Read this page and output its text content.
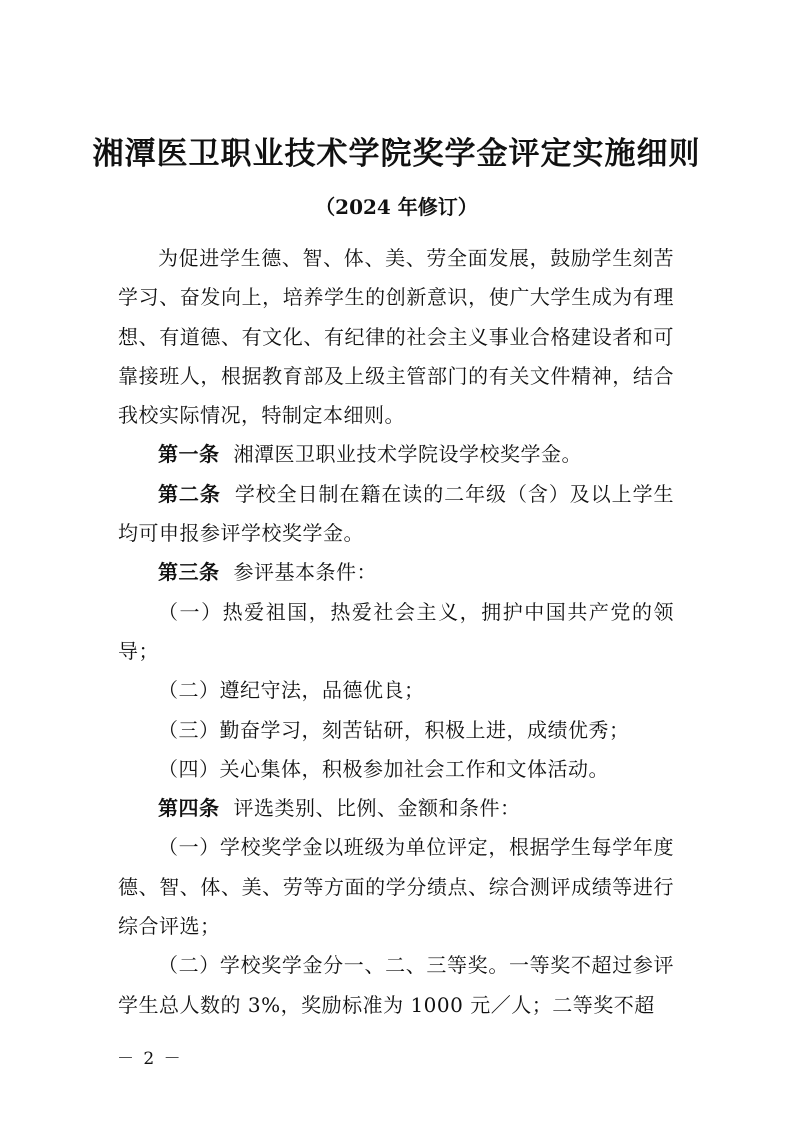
湘潭医卫职业技术学院奖学金评定实施细则
（2024 年修订）

为促进学生德、智、体、美、劳全面发展，鼓励学生刻苦学习、奋发向上，培养学生的创新意识，使广大学生成为有理想、有道德、有文化、有纪律的社会主义事业合格建设者和可靠接班人，根据教育部及上级主管部门的有关文件精神，结合我校实际情况，特制定本细则。

第一条 湘潭医卫职业技术学院设学校奖学金。

第二条 学校全日制在籍在读的二年级（含）及以上学生均可申报参评学校奖学金。

第三条 参评基本条件：

（一）热爱祖国，热爱社会主义，拥护中国共产党的领导；

（二）遵纪守法，品德优良；

（三）勤奋学习，刻苦钻研，积极上进，成绩优秀；

（四）关心集体，积极参加社会工作和文体活动。

第四条 评选类别、比例、金额和条件：

（一）学校奖学金以班级为单位评定，根据学生每学年度德、智、体、美、劳等方面的学分绩点、综合测评成绩等进行综合评选；

（二）学校奖学金分一、二、三等奖。一等奖不超过参评学生总人数的 3%，奖励标准为 1000 元／人；二等奖不超

－ 2 －
